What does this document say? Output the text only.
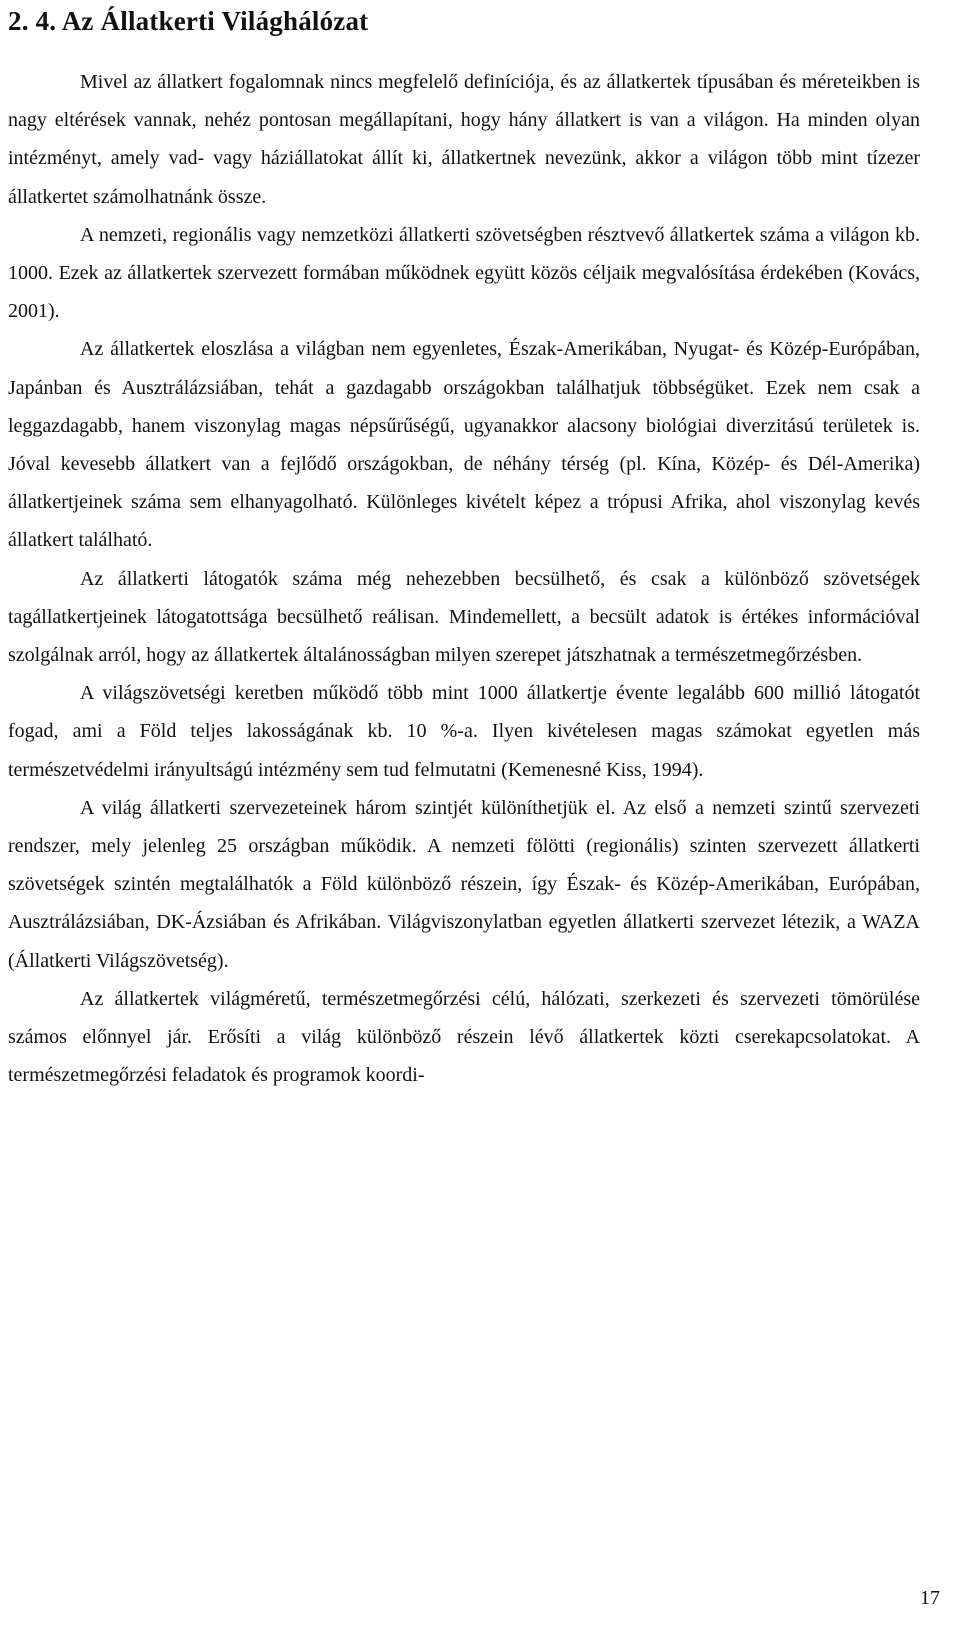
2. 4. Az Állatkerti Világhálózat

Mivel az állatkert fogalomnak nincs megfelelő definíciója, és az állatkertek típusában és méreteikben is nagy eltérések vannak, nehéz pontosan megállapítani, hogy hány állatkert is van a világon. Ha minden olyan intézményt, amely vad- vagy háziállatokat állít ki, állatkertnek nevezünk, akkor a világon több mint tízezer állatkertet számolhatnánk össze.

A nemzeti, regionális vagy nemzetközi állatkerti szövetségben résztvevő állatkertek száma a világon kb. 1000. Ezek az állatkertek szervezett formában működnek együtt közös céljaik megvalósítása érdekében (Kovács, 2001).

Az állatkertek eloszlása a világban nem egyenletes, Észak-Amerikában, Nyugat- és Közép-Európában, Japánban és Ausztrálázsiában, tehát a gazdagabb országokban találhatjuk többségüket. Ezek nem csak a leggazdagabb, hanem viszonylag magas népsűrűségű, ugyanakkor alacsony biológiai diverzitású területek is. Jóval kevesebb állatkert van a fejlődő országokban, de néhány térség (pl. Kína, Közép- és Dél-Amerika) állatkertjeinek száma sem elhanyagolható. Különleges kivételt képez a trópusi Afrika, ahol viszonylag kevés állatkert található.

Az állatkerti látogatók száma még nehezebben becsülhető, és csak a különböző szövetségek tagállatkertjeinek látogatottsága becsülhető reálisan. Mindemellett, a becsült adatok is értékes információval szolgálnak arról, hogy az állatkertek általánosságban milyen szerepet játszhatnak a természetmegőrzésben.

A világszövetségi keretben működő több mint 1000 állatkertje évente legalább 600 millió látogatót fogad, ami a Föld teljes lakosságának kb. 10 %-a. Ilyen kivételesen magas számokat egyetlen más természetvédelmi irányultságú intézmény sem tud felmutatni (Kemenesné Kiss, 1994).

A világ állatkerti szervezeteinek három szintjét különíthetjük el. Az első a nemzeti szintű szervezeti rendszer, mely jelenleg 25 országban működik. A nemzeti fölötti (regionális) szinten szervezett állatkerti szövetségek szintén megtalálhatók a Föld különböző részein, így Észak- és Közép-Amerikában, Európában, Ausztrálázsiában, DK-Ázsiában és Afrikában. Világviszonylatban egyetlen állatkerti szervezet létezik, a WAZA (Állatkerti Világszövetség).

Az állatkertek világméretű, természetmegőrzési célú, hálózati, szerkezeti és szervezeti tömörülése számos előnnyel jár. Erősíti a világ különböző részein lévő állatkertek közti cserekapcsolatokat. A természetmegőrzési feladatok és programok koordi-

17
